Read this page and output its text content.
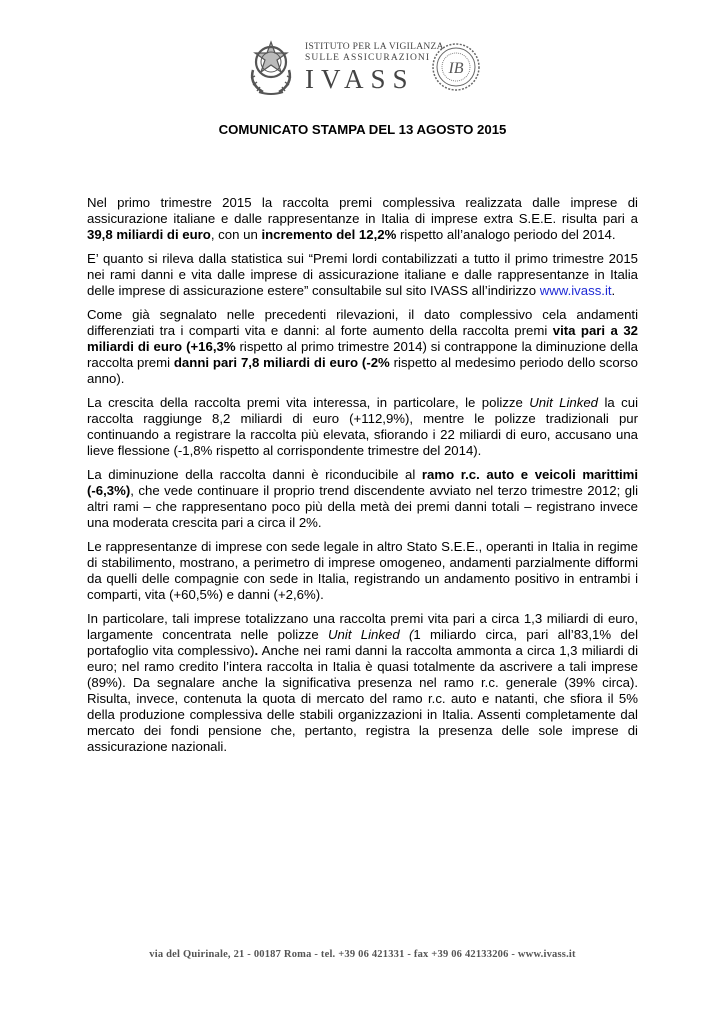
ISTITUTO PER LA VIGILANZA
SULLE ASSICURAZIONI
IVASS	IB
COMUNICATO STAMPA DEL 13 AGOSTO 2015

Nel primo trimestre 2015 la raccolta premi complessiva realizzata dalle imprese di assicurazione italiane e dalle rappresentanze in Italia di imprese extra S.E.E. risulta pari a 39,8 miliardi di euro, con un incremento del 12,2% rispetto all’analogo periodo del 2014.

E’ quanto si rileva dalla statistica sui “Premi lordi contabilizzati a tutto il primo trimestre 2015 nei rami danni e vita dalle imprese di assicurazione italiane e dalle rappresentanze in Italia delle imprese di assicurazione estere” consultabile sul sito IVASS all’indirizzo www.ivass.it.

Come già segnalato nelle precedenti rilevazioni, il dato complessivo cela andamenti differenziati tra i comparti vita e danni: al forte aumento della raccolta premi vita pari a 32 miliardi di euro (+16,3% rispetto al primo trimestre 2014) si contrappone la diminuzione della raccolta premi danni pari 7,8 miliardi di euro (-2% rispetto al medesimo periodo dello scorso anno).

La crescita della raccolta premi vita interessa, in particolare, le polizze Unit Linked la cui raccolta raggiunge 8,2 miliardi di euro (+112,9%), mentre le polizze tradizionali pur continuando a registrare la raccolta più elevata, sfiorando i 22 miliardi di euro, accusano una lieve flessione (-1,8% rispetto al corrispondente trimestre del 2014).

La diminuzione della raccolta danni è riconducibile al ramo r.c. auto e veicoli marittimi (-6,3%), che vede continuare il proprio trend discendente avviato nel terzo trimestre 2012; gli altri rami – che rappresentano poco più della metà dei premi danni totali – registrano invece una moderata crescita pari a circa il 2%.

Le rappresentanze di imprese con sede legale in altro Stato S.E.E., operanti in Italia in regime di stabilimento, mostrano, a perimetro di imprese omogeneo, andamenti parzialmente difformi da quelli delle compagnie con sede in Italia, registrando un andamento positivo in entrambi i comparti, vita (+60,5%) e danni (+2,6%).

In particolare, tali imprese totalizzano una raccolta premi vita pari a circa 1,3 miliardi di euro, largamente concentrata nelle polizze Unit Linked (1 miliardo circa, pari all’83,1% del portafoglio vita complessivo). Anche nei rami danni la raccolta ammonta a circa 1,3 miliardi di euro; nel ramo credito l’intera raccolta in Italia è quasi totalmente da ascrivere a tali imprese (89%). Da segnalare anche la significativa presenza nel ramo r.c. generale (39% circa). Risulta, invece, contenuta la quota di mercato del ramo r.c. auto e natanti, che sfiora il 5% della produzione complessiva delle stabili organizzazioni in Italia. Assenti completamente dal mercato dei fondi pensione che, pertanto, registra la presenza delle sole imprese di assicurazione nazionali.

via del Quirinale, 21 - 00187 Roma - tel. +39 06 421331 - fax +39 06 42133206 - www.ivass.it
